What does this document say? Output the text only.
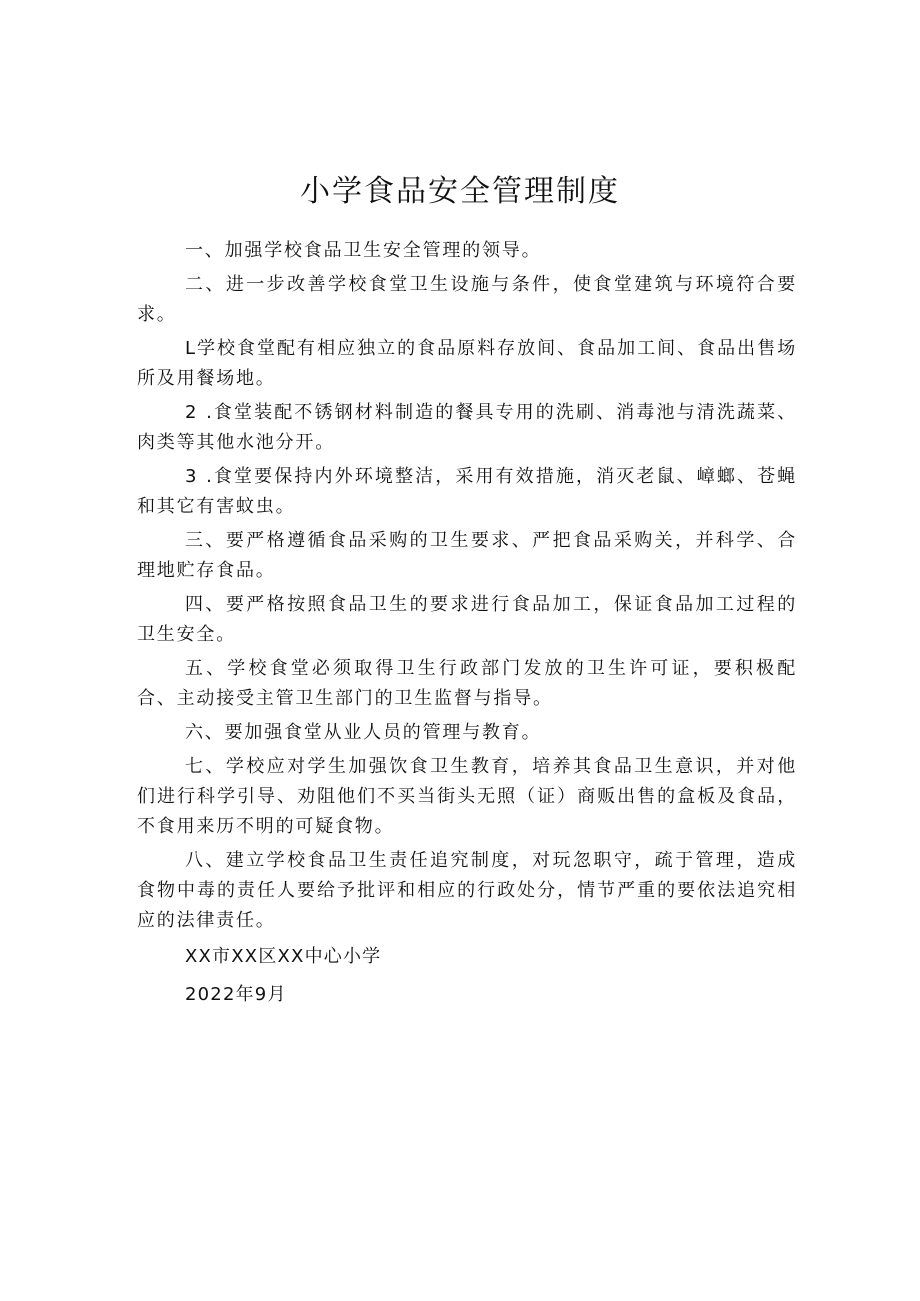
小学食品安全管理制度

一、加强学校食品卫生安全管理的领导。

二、进一步改善学校食堂卫生设施与条件，使食堂建筑与环境符合要求。

L学校食堂配有相应独立的食品原料存放间、食品加工间、食品出售场所及用餐场地。

2 .食堂装配不锈钢材料制造的餐具专用的洗刷、消毒池与清洗蔬菜、肉类等其他水池分开。

3 .食堂要保持内外环境整洁，采用有效措施，消灭老鼠、嶂螂、苍蝇和其它有害蚊虫。

三、要严格遵循食品采购的卫生要求、严把食品采购关，并科学、合理地贮存食品。

四、要严格按照食品卫生的要求进行食品加工，保证食品加工过程的卫生安全。

五、学校食堂必须取得卫生行政部门发放的卫生许可证，要积极配合、主动接受主管卫生部门的卫生监督与指导。

六、要加强食堂从业人员的管理与教育。

七、学校应对学生加强饮食卫生教育，培养其食品卫生意识，并对他们进行科学引导、劝阻他们不买当街头无照（证）商贩出售的盒板及食品，不食用来历不明的可疑食物。

八、建立学校食品卫生责任追究制度，对玩忽职守，疏于管理，造成食物中毒的责任人要给予批评和相应的行政处分，情节严重的要依法追究相应的法律责任。

XX市XX区XX中心小学

2022年9月
